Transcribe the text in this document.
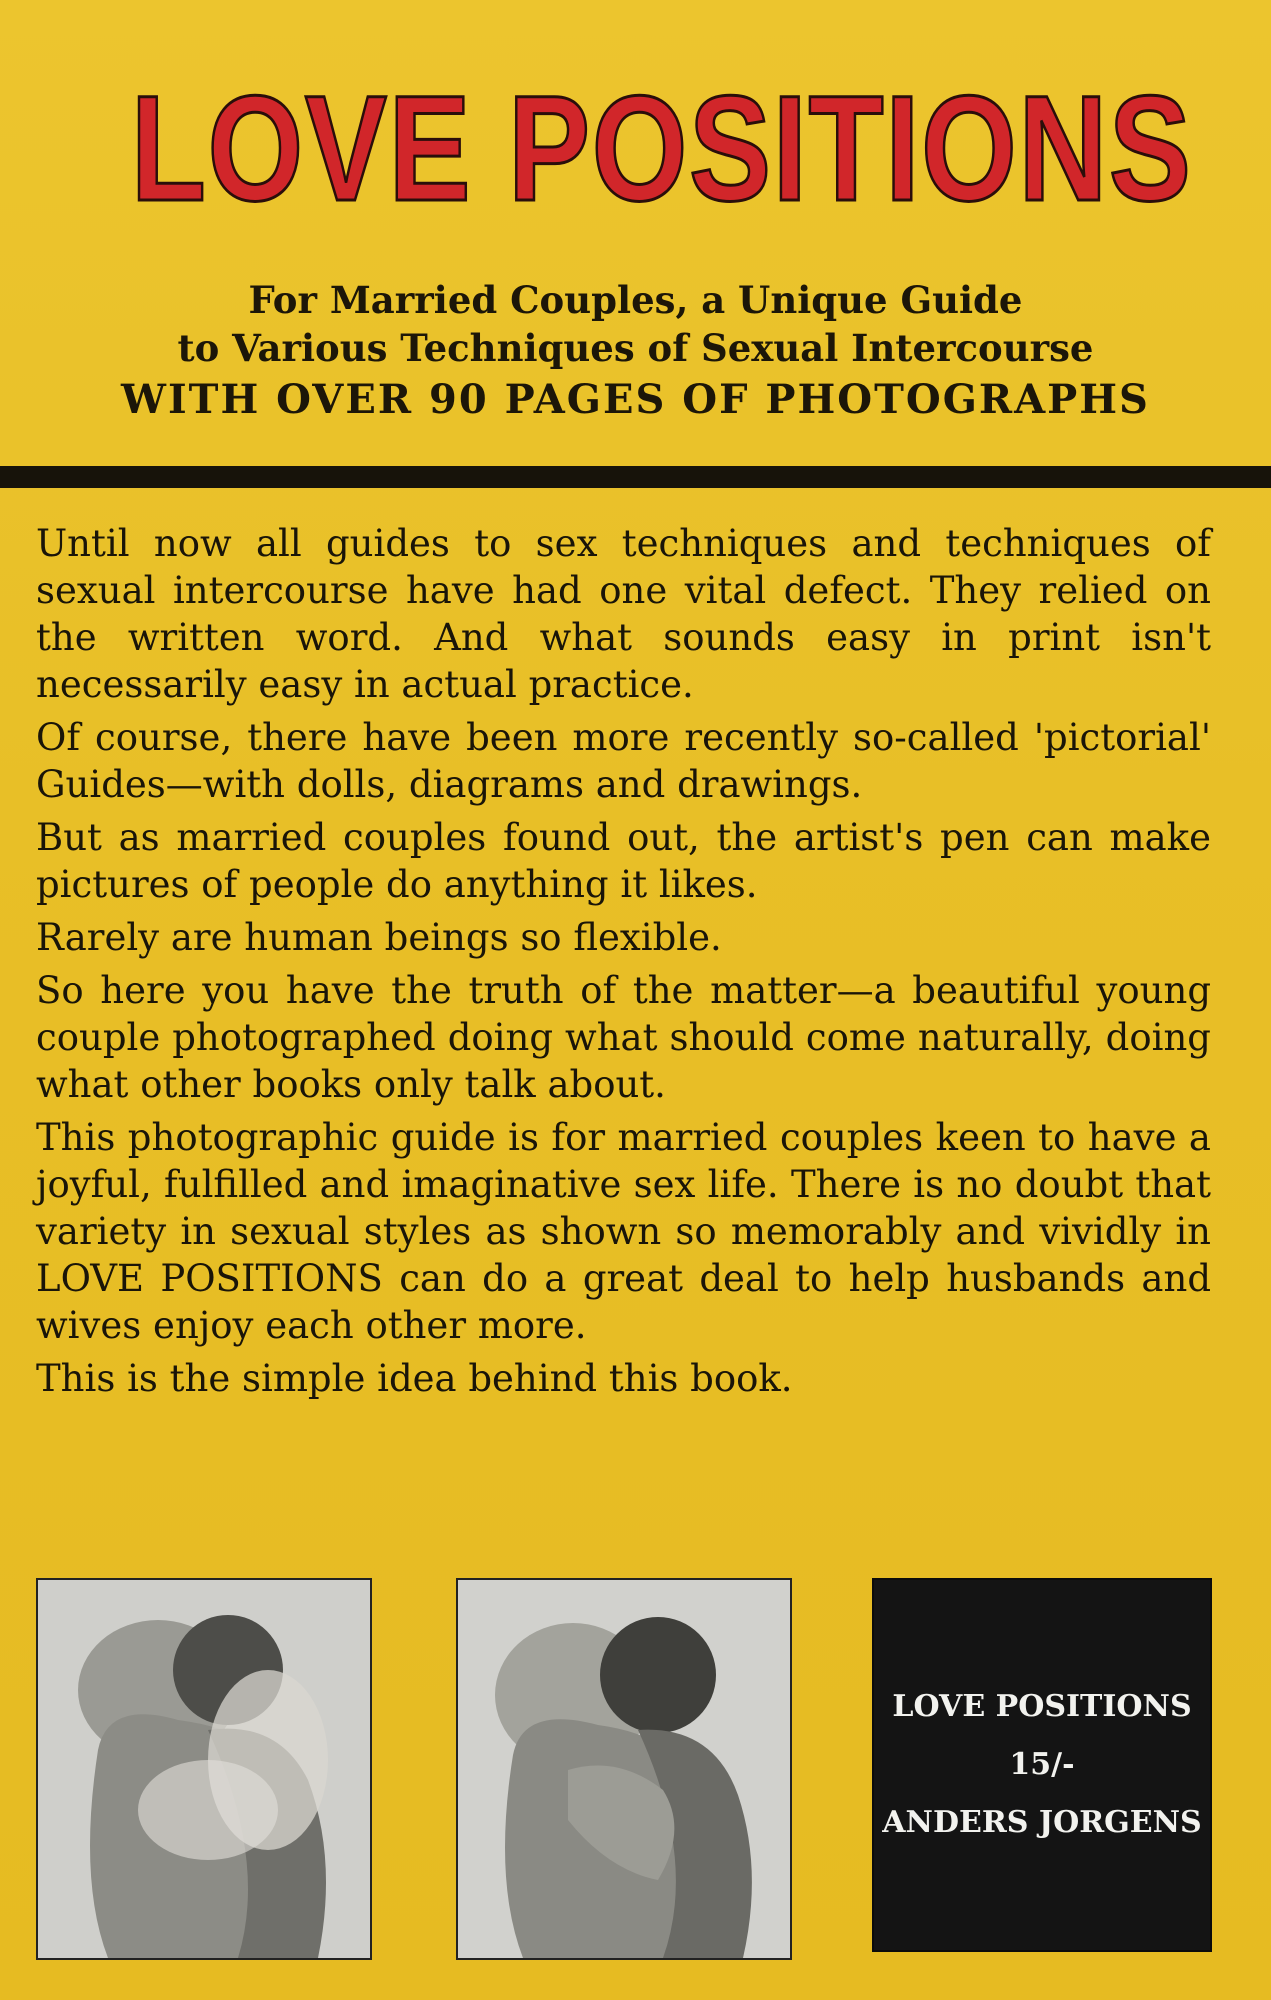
LOVE POSITIONS

For Married Couples, a Unique Guide

to Various Techniques of Sexual Intercourse

WITH OVER 90 PAGES OF PHOTOGRAPHS

Until now all guides to sex techniques and techniques of sexual intercourse have had one vital defect. They relied on the written word. And what sounds easy in print isn't necessarily easy in actual practice.

Of course, there have been more recently so-called 'pictorial' Guides—with dolls, diagrams and drawings.

But as married couples found out, the artist's pen can make pictures of people do anything it likes.

Rarely are human beings so flexible.

So here you have the truth of the matter—a beautiful young couple photographed doing what should come naturally, doing what other books only talk about.

This photographic guide is for married couples keen to have a joyful, fulfilled and imaginative sex life. There is no doubt that variety in sexual styles as shown so memorably and vividly in LOVE POSITIONS can do a great deal to help husbands and wives enjoy each other more.

This is the simple idea behind this book.

LOVE POSITIONS
15/-
ANDERS JORGENS
